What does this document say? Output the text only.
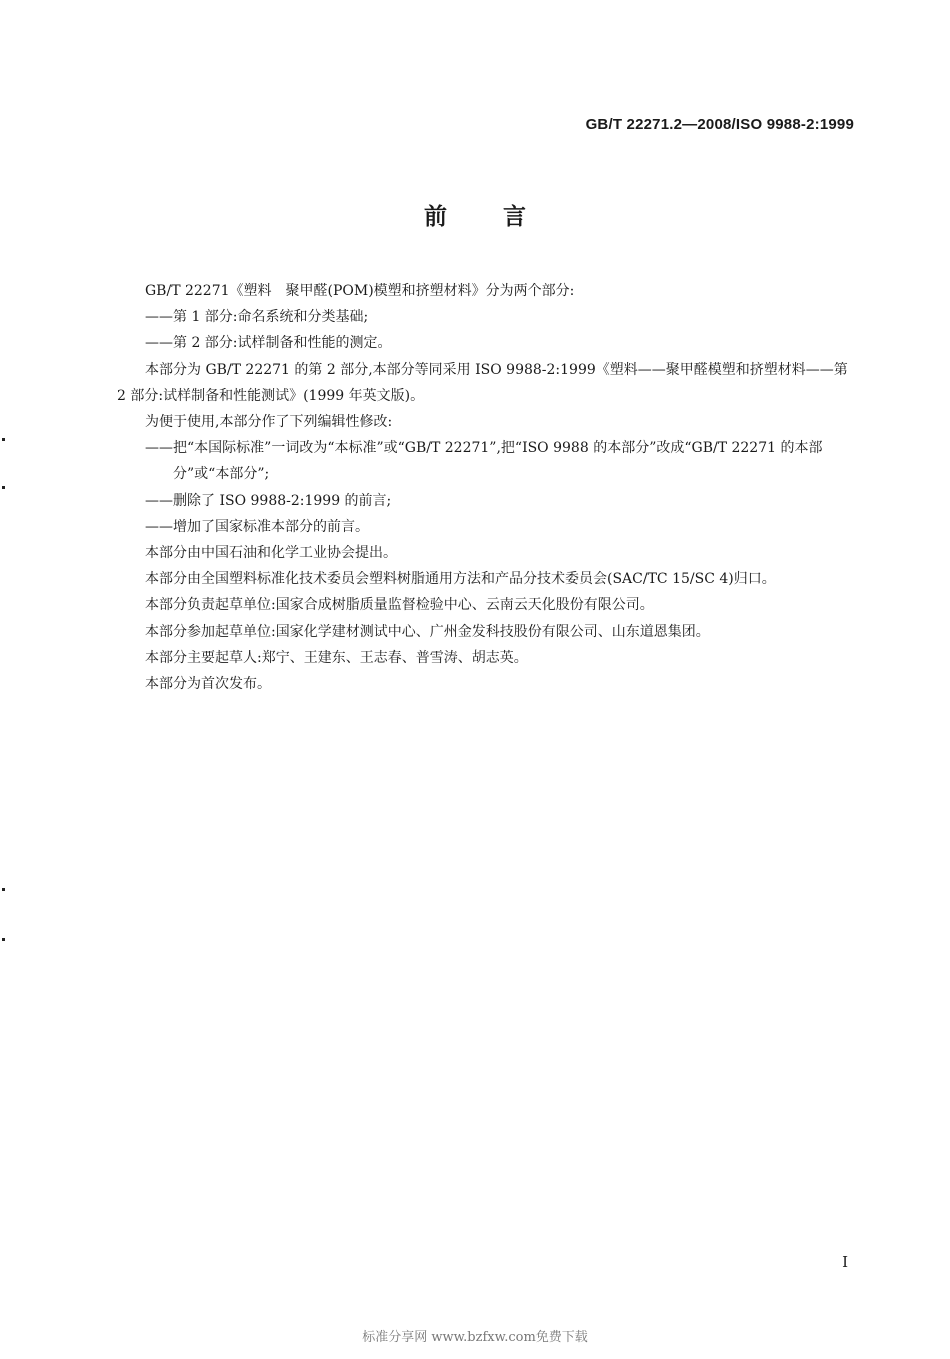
GB/T 22271.2—2008/ISO 9988-2:1999
前言

GB/T 22271《塑料　聚甲醛(POM)模塑和挤塑材料》分为两个部分:

——第 1 部分:命名系统和分类基础;

——第 2 部分:试样制备和性能的测定。

本部分为 GB/T 22271 的第 2 部分,本部分等同采用 ISO 9988-2:1999《塑料——聚甲醛模塑和挤塑材料——第 2 部分:试样制备和性能测试》(1999 年英文版)。

为便于使用,本部分作了下列编辑性修改:

——把“本国际标准”一词改为“本标准”或“GB/T 22271”,把“ISO 9988 的本部分”改成“GB/T 22271 的本部分”或“本部分”;

——删除了 ISO 9988-2:1999 的前言;

——增加了国家标准本部分的前言。

本部分由中国石油和化学工业协会提出。

本部分由全国塑料标准化技术委员会塑料树脂通用方法和产品分技术委员会(SAC/TC 15/SC 4)归口。

本部分负责起草单位:国家合成树脂质量监督检验中心、云南云天化股份有限公司。

本部分参加起草单位:国家化学建材测试中心、广州金发科技股份有限公司、山东道恩集团。

本部分主要起草人:郑宁、王建东、王志春、普雪涛、胡志英。

本部分为首次发布。

I
标准分享网 www.bzfxw.com免费下载
